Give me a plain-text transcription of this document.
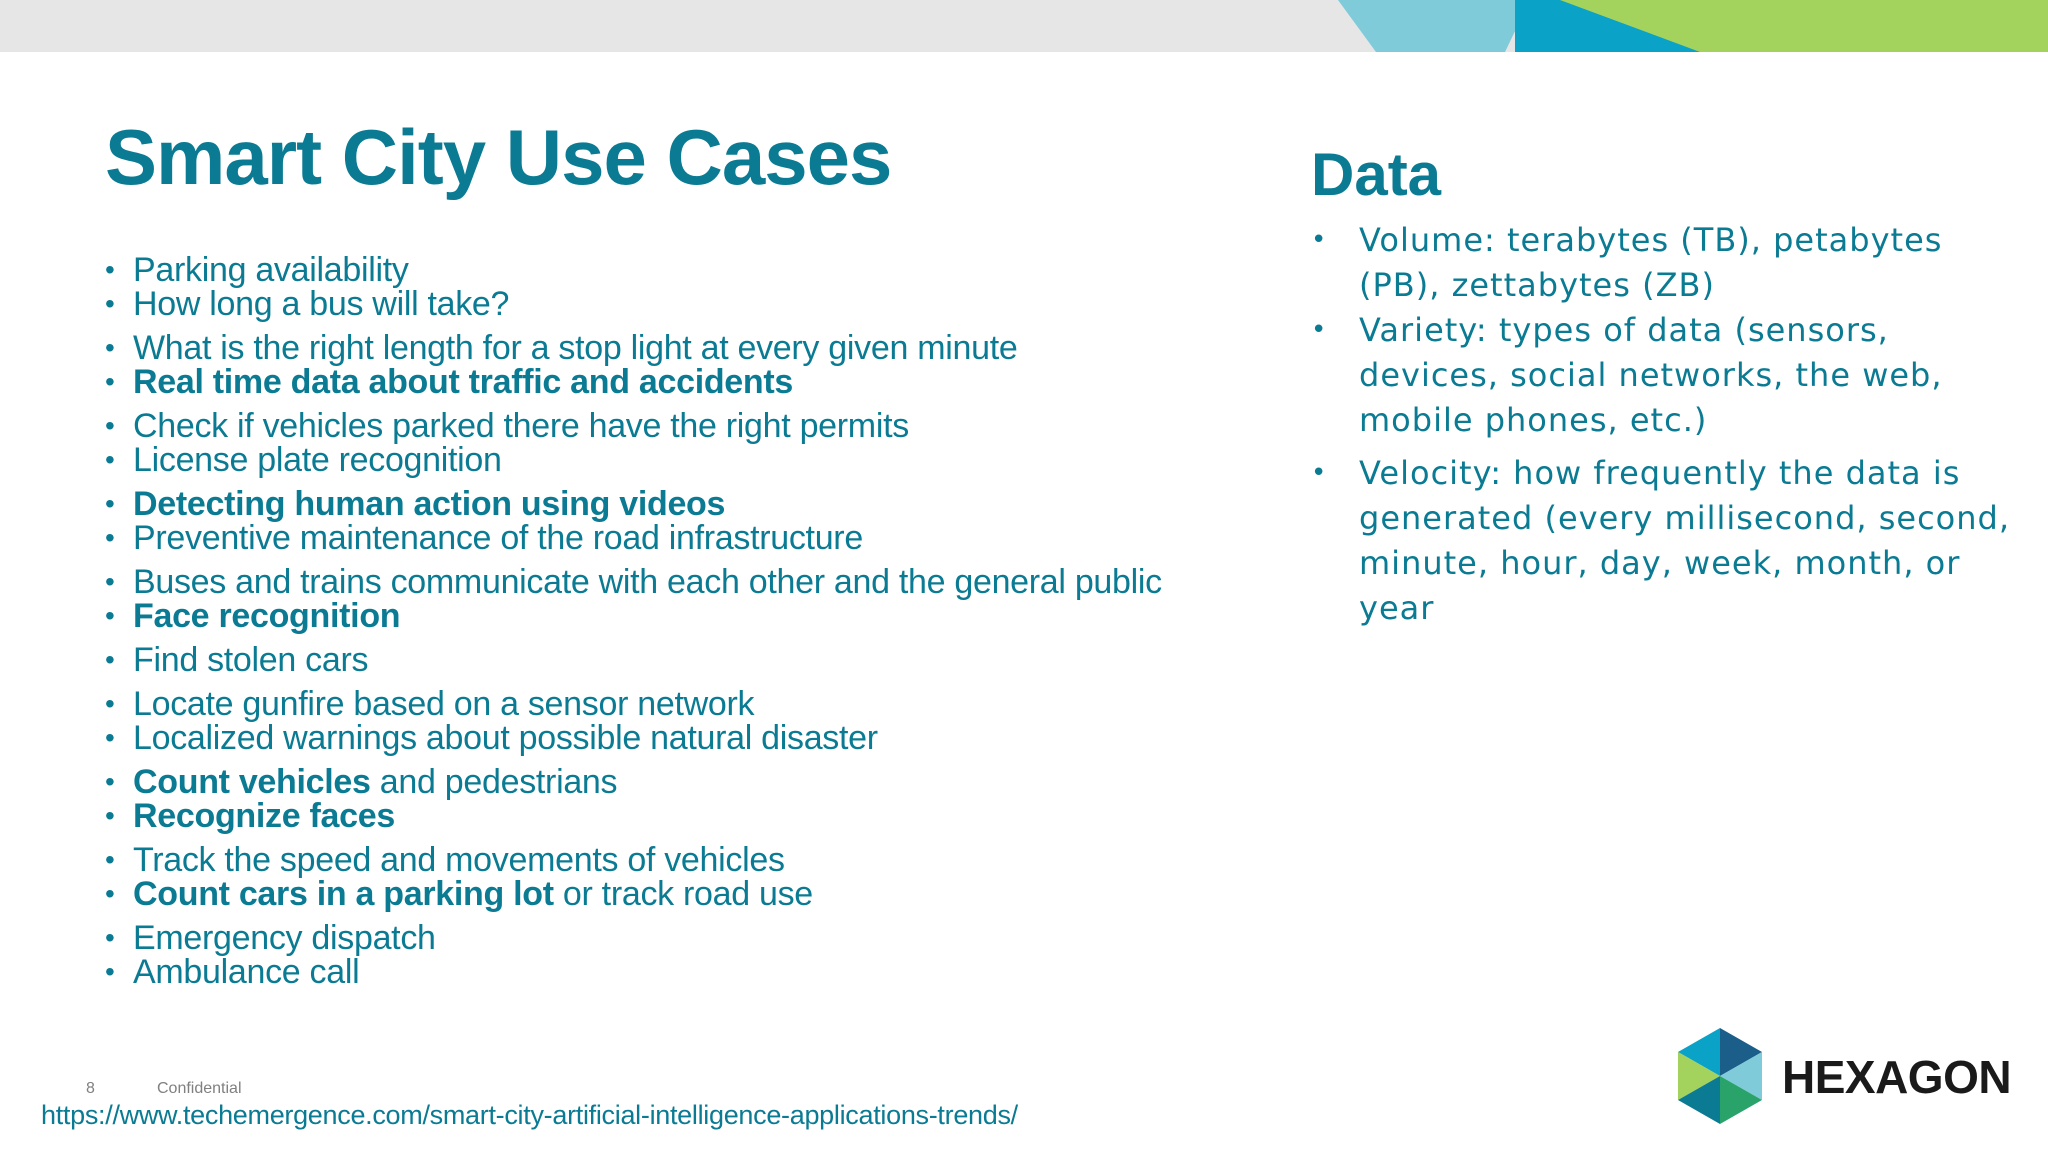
Smart City Use Cases
• Parking availability
• How long a bus will take?
• What is the right length for a stop light at every given minute
• Real time data about traffic and accidents
• Check if vehicles parked there have the right permits
• License plate recognition
• Detecting human action using videos
• Preventive maintenance of the road infrastructure
• Buses and trains communicate with each other and the general public
• Face recognition
• Find stolen cars
• Locate gunfire based on a sensor network
• Localized warnings about possible natural disaster
• Count vehicles and pedestrians
• Recognize faces
• Track the speed and movements of vehicles
• Count cars in a parking lot or track road use
• Emergency dispatch
• Ambulance call
Data
• Volume: terabytes (TB), petabytes (PB), zettabytes (ZB)
• Variety: types of data (sensors, devices, social networks, the web, mobile phones, etc.)
• Velocity: how frequently the data is generated (every millisecond, second, minute, hour, day, week, month, or year
8	Confidential
https://www.techemergence.com/smart-city-artificial-intelligence-applications-trends/
HEXAGON
